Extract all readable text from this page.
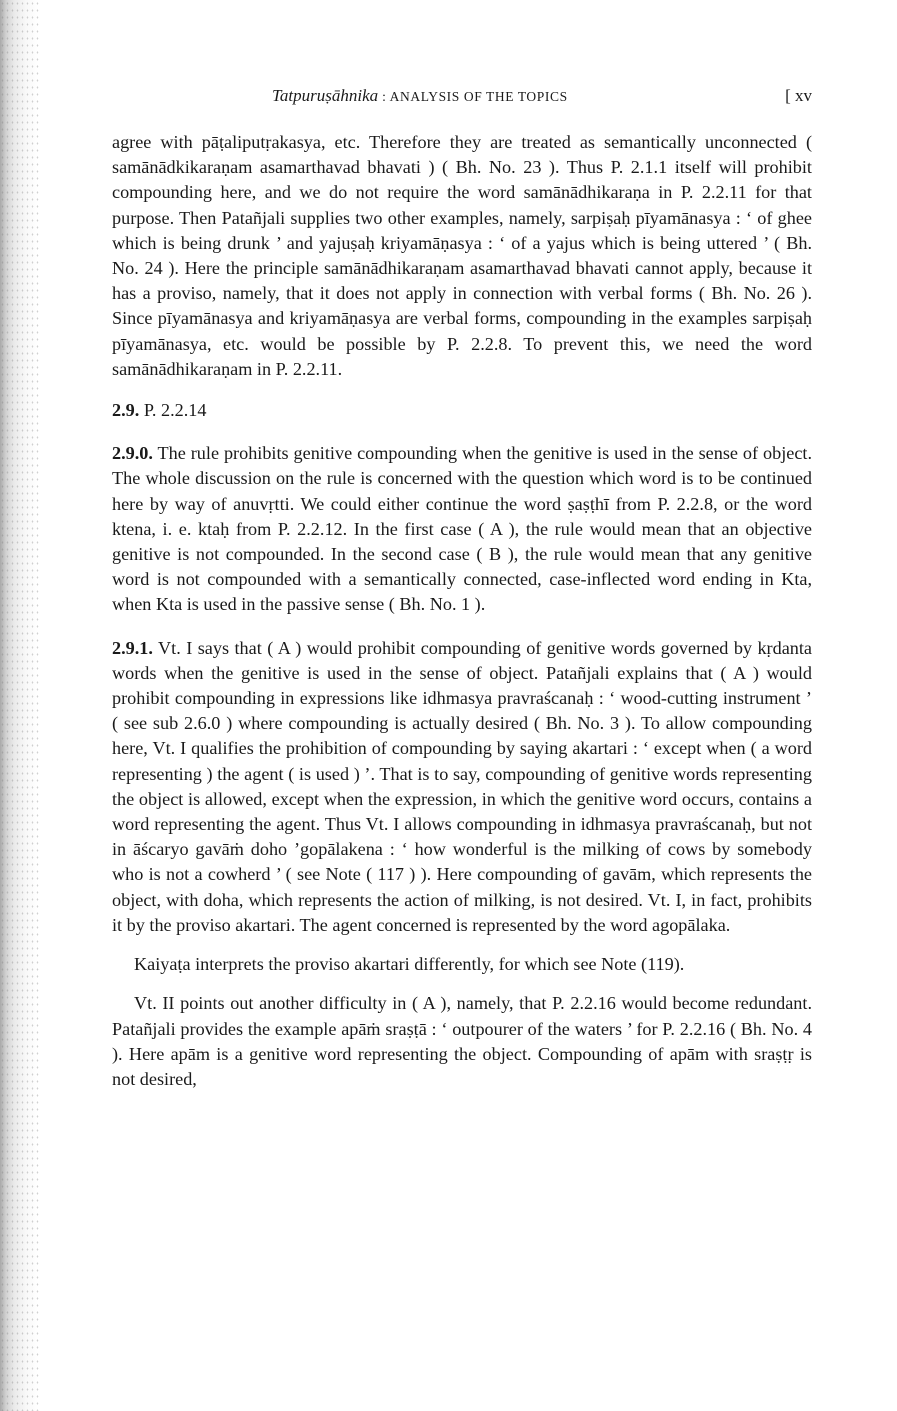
Tatpuruṣāhnika : ANALYSIS OF THE TOPICS	[ xv

agree with pāṭaliputṛakasya, etc. Therefore they are treated as semantically unconnected ( samānādkikaraṇam asamarthavad bhavati ) ( Bh. No. 23 ). Thus P. 2.1.1 itself will prohibit compounding here, and we do not require the word samānādhikaraṇa in P. 2.2.11 for that purpose. Then Patañjali supplies two other examples, namely, sarpiṣaḥ pīyamānasya : ‘ of ghee which is being drunk ’ and yajuṣaḥ kriyamāṇasya : ‘ of a yajus which is being uttered ’ ( Bh. No. 24 ). Here the principle samānādhikaraṇam asamarthavad bhavati cannot apply, because it has a proviso, namely, that it does not apply in connection with verbal forms ( Bh. No. 26 ). Since pīyamānasya and kriyamāṇasya are verbal forms, compounding in the examples sarpiṣaḥ pīyamānasya, etc. would be possible by P. 2.2.8. To prevent this, we need the word samānādhikaraṇam in P. 2.2.11.

2.9. P. 2.2.14

2.9.0. The rule prohibits genitive compounding when the genitive is used in the sense of object. The whole discussion on the rule is concerned with the question which word is to be continued here by way of anuvṛtti. We could either continue the word ṣaṣṭhī from P. 2.2.8, or the word ktena, i. e. ktaḥ from P. 2.2.12. In the first case ( A ), the rule would mean that an objective genitive is not compounded. In the second case ( B ), the rule would mean that any genitive word is not compounded with a semantically connected, case-inflected word ending in Kta, when Kta is used in the passive sense ( Bh. No. 1 ).

2.9.1. Vt. I says that ( A ) would prohibit compounding of genitive words governed by kṛdanta words when the genitive is used in the sense of object. Patañjali explains that ( A ) would prohibit compounding in expressions like idhmasya pravraścanaḥ : ‘ wood-cutting instrument ’ ( see sub 2.6.0 ) where compounding is actually desired ( Bh. No. 3 ). To allow compounding here, Vt. I qualifies the prohibition of compounding by saying akartari : ‘ except when ( a word representing ) the agent ( is used ) ’. That is to say, compounding of genitive words representing the object is allowed, except when the expression, in which the genitive word occurs, contains a word representing the agent. Thus Vt. I allows compounding in idhmasya pravraścanaḥ, but not in āścaryo gavāṁ doho ’gopālakena : ‘ how wonderful is the milking of cows by somebody who is not a cowherd ’ ( see Note ( 117 ) ). Here compounding of gavām, which represents the object, with doha, which represents the action of milking, is not desired. Vt. I, in fact, prohibits it by the proviso akartari. The agent concerned is represented by the word agopālaka.

Kaiyaṭa interprets the proviso akartari differently, for which see Note (119).

Vt. II points out another difficulty in ( A ), namely, that P. 2.2.16 would become redundant. Patañjali provides the example apāṁ sraṣṭā : ‘ outpourer of the waters ’ for P. 2.2.16 ( Bh. No. 4 ). Here apām is a genitive word representing the object. Compounding of apām with sraṣṭṛ is not desired,
